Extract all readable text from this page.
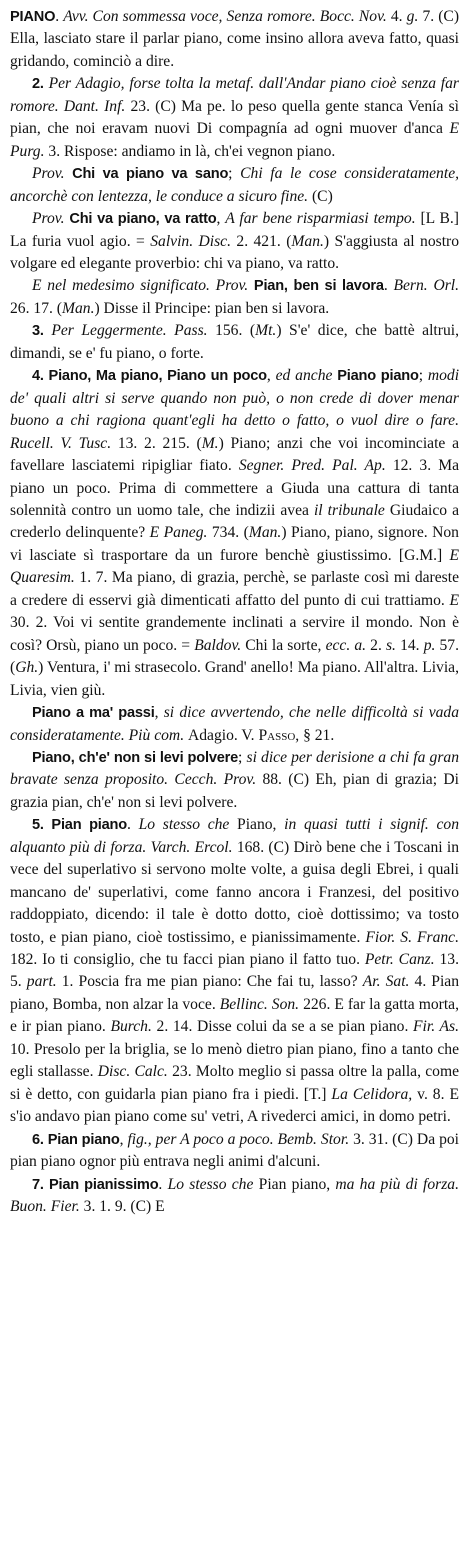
PIANO. Avv. Con sommessa voce, Senza romore. Bocc. Nov. 4. g. 7. (C) Ella, lasciato stare il parlar piano, come insino allora aveva fatto, quasi gridando, cominciò a dire.

2. Per Adagio, forse tolta la metaf. dall'Andar piano cioè senza far romore. Dant. Inf. 23. (C) Ma pe. lo peso quella gente stanca Venía sì pian, che noi eravam nuovi Di compagnía ad ogni muover d'anca E Purg. 3. Rispose: andiamo in là, ch'ei vegnon piano.

Prov. Chi va piano va sano; Chi fa le cose consideratamente, ancorchè con lentezza, le conduce a sicuro fine. (C)

Prov. Chi va piano, va ratto, A far bene risparmiasi tempo. [L B.] La furia vuol agio. = Salvin. Disc. 2. 421. (Man.) S'aggiusta al nostro volgare ed elegante proverbio: chi va piano, va ratto.

E nel medesimo significato. Prov. Pian, ben si lavora. Bern. Orl. 26. 17. (Man.) Disse il Principe: pian ben si lavora.

3. Per Leggermente. Pass. 156. (Mt.) S'e' dice, che battè altrui, dimandi, se e' fu piano, o forte.

4. Piano, Ma piano, Piano un poco, ed anche Piano piano; modi de' quali altri si serve quando non può, o non crede di dover menar buono a chi ragiona quant'egli ha detto o fatto, o vuol dire o fare. Rucell. V. Tusc. 13. 2. 215. (M.) Piano; anzi che voi incominciate a favellare lasciatemi ripigliar fiato. Segner. Pred. Pal. Ap. 12. 3. Ma piano un poco. Prima di commettere a Giuda una cattura di tanta solennità contro un uomo tale, che indizii avea il tribunale Giudaico a crederlo delinquente? E Paneg. 734. (Man.) Piano, piano, signore. Non vi lasciate sì trasportare da un furore benchè giustissimo. [G.M.] E Quaresim. 1. 7. Ma piano, di grazia, perchè, se parlaste così mi dareste a credere di esservi già dimenticati affatto del punto di cui trattiamo. E 30. 2. Voi vi sentite grandemente inclinati a servire il mondo. Non è così? Orsù, piano un poco. = Baldov. Chi la sorte, ecc. a. 2. s. 14. p. 57. (Gh.) Ventura, i' mi strasecolo. Grand' anello! Ma piano. All'altra. Livia, Livia, vien giù.

Piano a ma' passi, si dice avvertendo, che nelle difficoltà si vada consideratamente. Più com. Adagio. V. Passo, § 21.

Piano, ch'e' non si levi polvere; si dice per derisione a chi fa gran bravate senza proposito. Cecch. Prov. 88. (C) Eh, pian di grazia; Di grazia pian, ch'e' non si levi polvere.

5. Pian piano. Lo stesso che Piano, in quasi tutti i signif. con alquanto più di forza. Varch. Ercol. 168. (C) Dirò bene che i Toscani in vece del superlativo si servono molte volte, a guisa degli Ebrei, i quali mancano de' superlativi, come fanno ancora i Franzesi, del positivo raddoppiato, dicendo: il tale è dotto dotto, cioè dottissimo; va tosto tosto, e pian piano, cioè tostissimo, e pianissimamente. Fior. S. Franc. 182. Io ti consiglio, che tu facci pian piano il fatto tuo. Petr. Canz. 13. 5. part. 1. Poscia fra me pian piano: Che fai tu, lasso? Ar. Sat. 4. Pian piano, Bomba, non alzar la voce. Bellinc. Son. 226. E far la gatta morta, e ir pian piano. Burch. 2. 14. Disse colui da se a se pian piano. Fir. As. 10. Presolo per la briglia, se lo menò dietro pian piano, fino a tanto che egli stallasse. Disc. Calc. 23. Molto meglio si passa oltre la palla, come si è detto, con guidarla pian piano fra i piedi. [T.] La Celidora, v. 8. E s'io andavo pian piano come su' vetri, A rivederci amici, in domo petri.

6. Pian piano, fig., per A poco a poco. Bemb. Stor. 3. 31. (C) Da poi pian piano ognor più entrava negli animi d'alcuni.

7. Pian pianissimo. Lo stesso che Pian piano, ma ha più di forza. Buon. Fier. 3. 1. 9. (C) E
